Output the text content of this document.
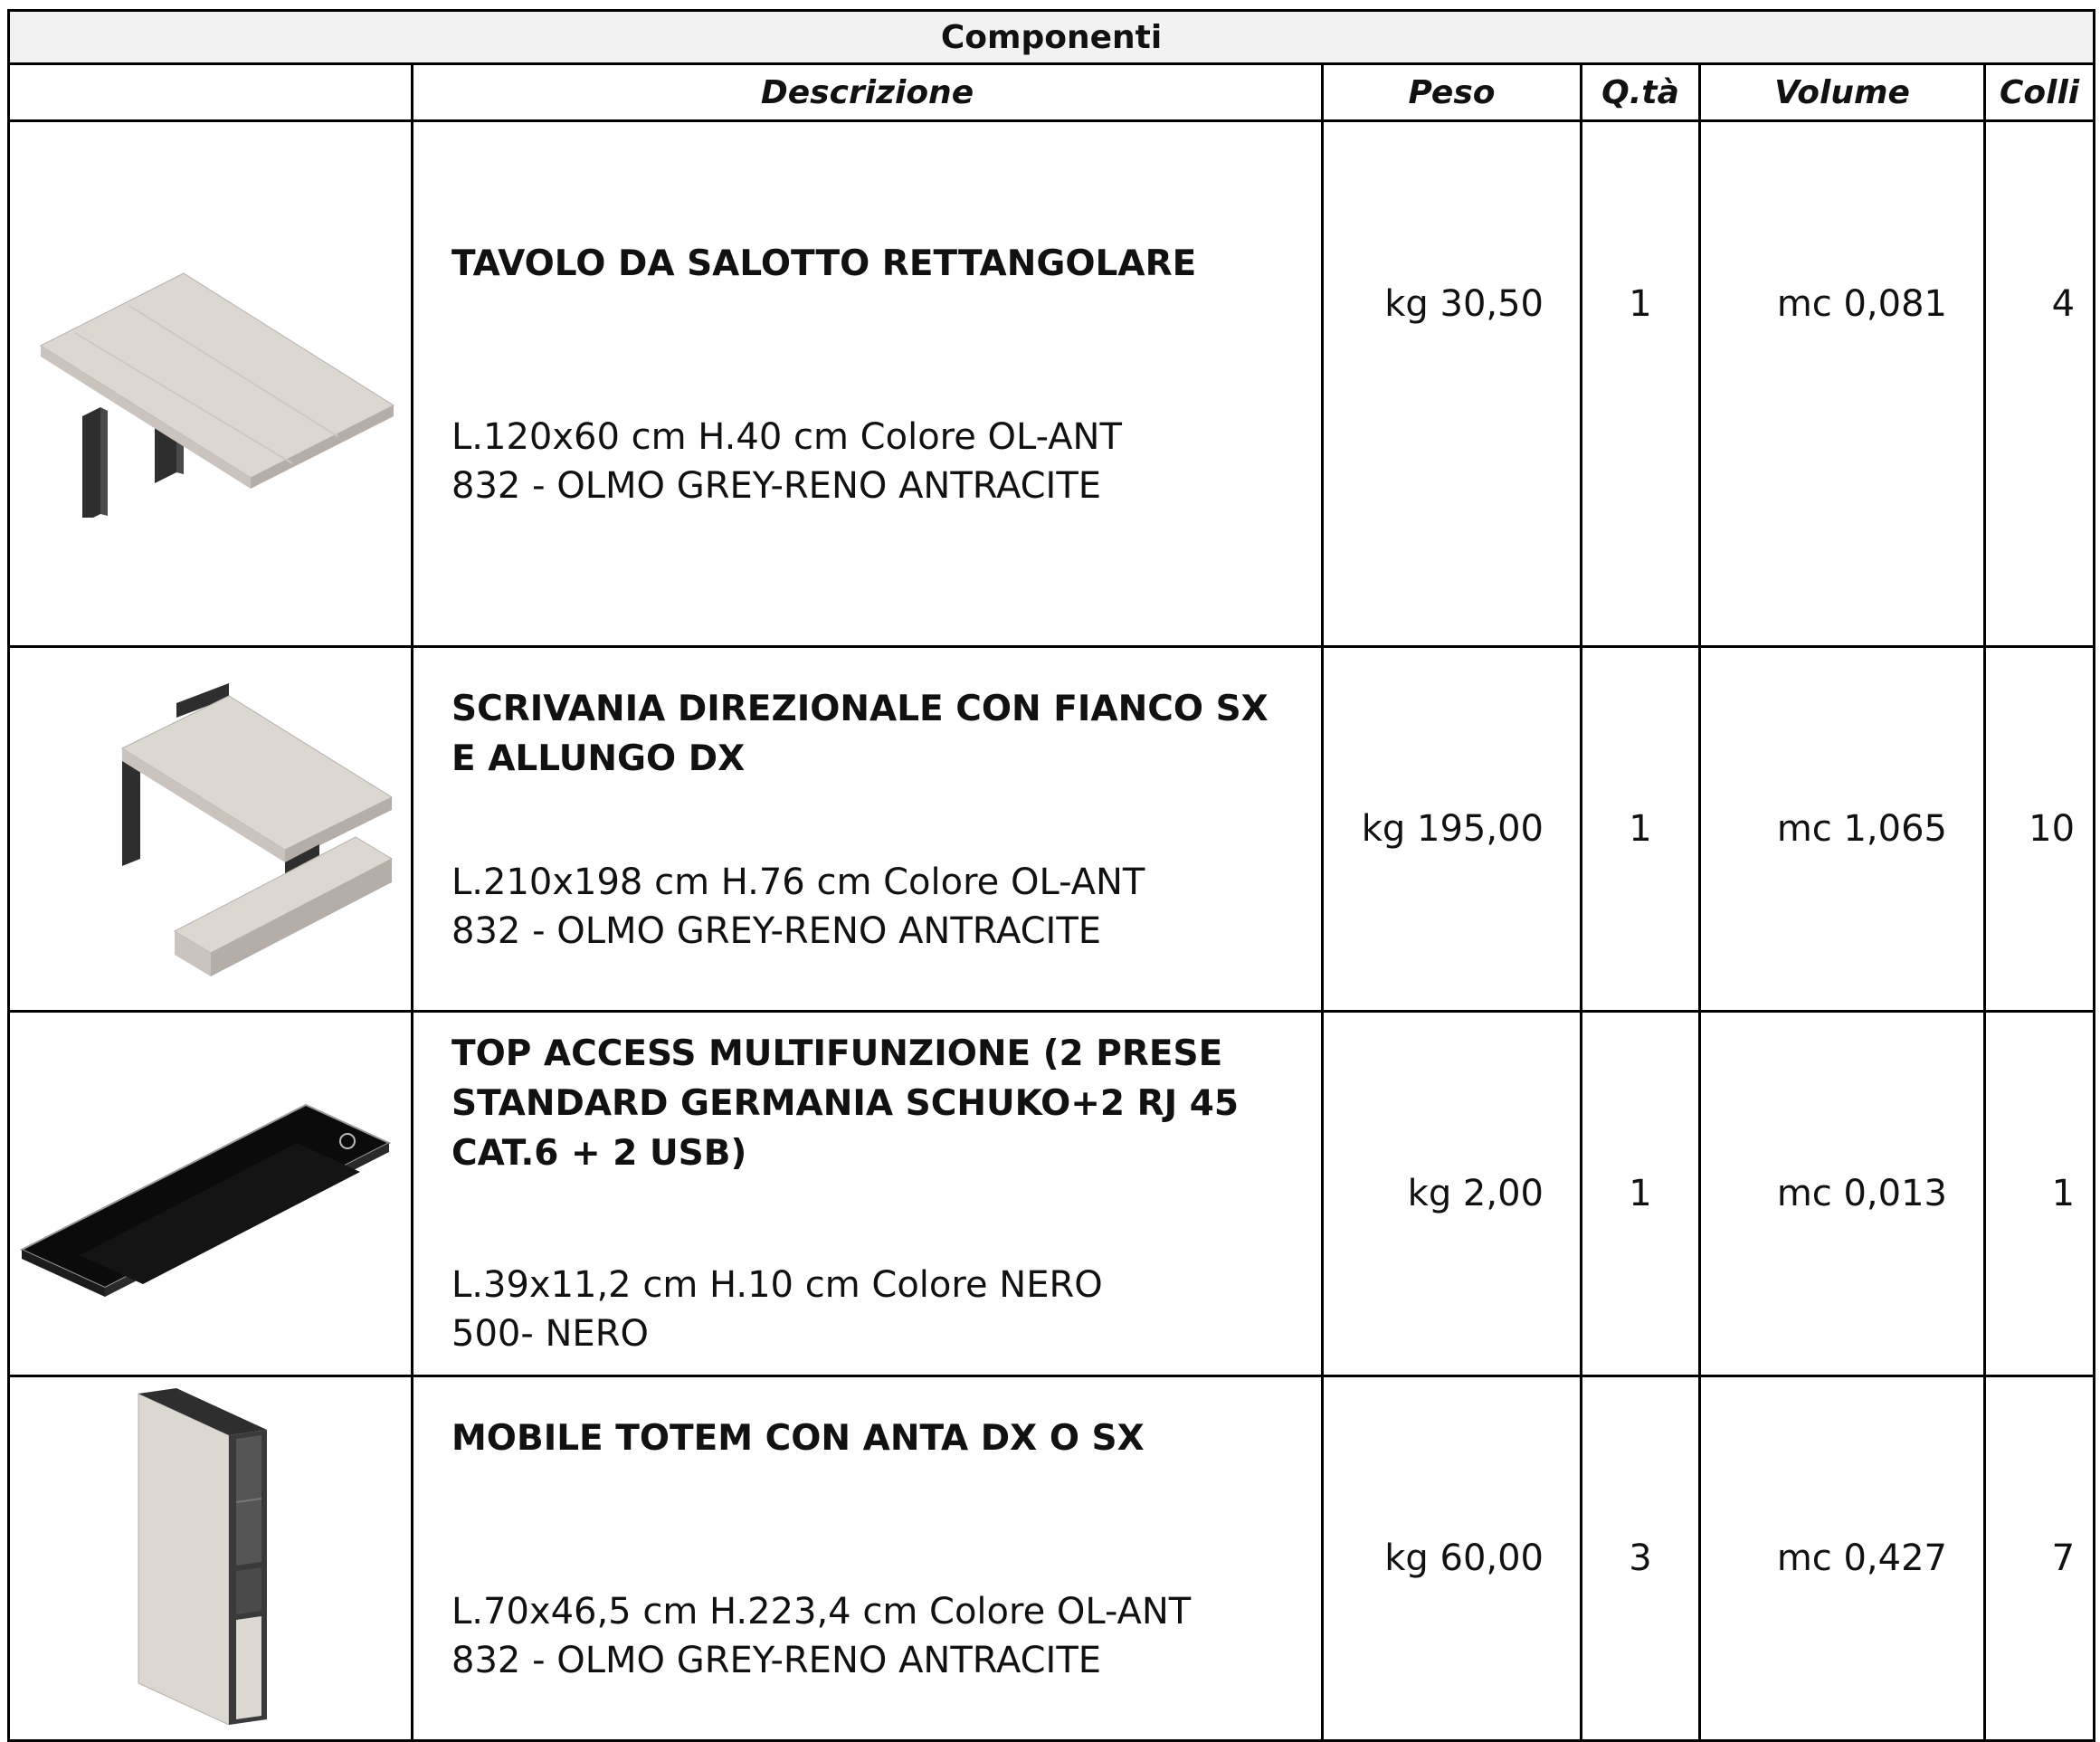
Componenti					
	Descrizione	Peso	Q.tà	Volume	Colli

TAVOLO DA SALOTTO RETTANGOLARE
L.120x60 cm H.40 cm Colore OL-ANT
832 - OLMO GREY-RENO ANTRACITE	kg 30,50	1	mc 0,081	4

SCRIVANIA DIREZIONALE CON FIANCO SX E ALLUNGO DX
L.210x198 cm H.76 cm Colore OL-ANT
832 - OLMO GREY-RENO ANTRACITE	kg 195,00	1	mc 1,065	10

TOP ACCESS MULTIFUNZIONE (2 PRESE STANDARD GERMANIA SCHUKO+2 RJ 45 CAT.6 + 2 USB)
L.39x11,2 cm H.10 cm Colore NERO
500- NERO	kg 2,00	1	mc 0,013	1

MOBILE TOTEM CON ANTA DX O SX
L.70x46,5 cm H.223,4 cm Colore OL-ANT
832 - OLMO GREY-RENO ANTRACITE	kg 60,00	3	mc 0,427	7
